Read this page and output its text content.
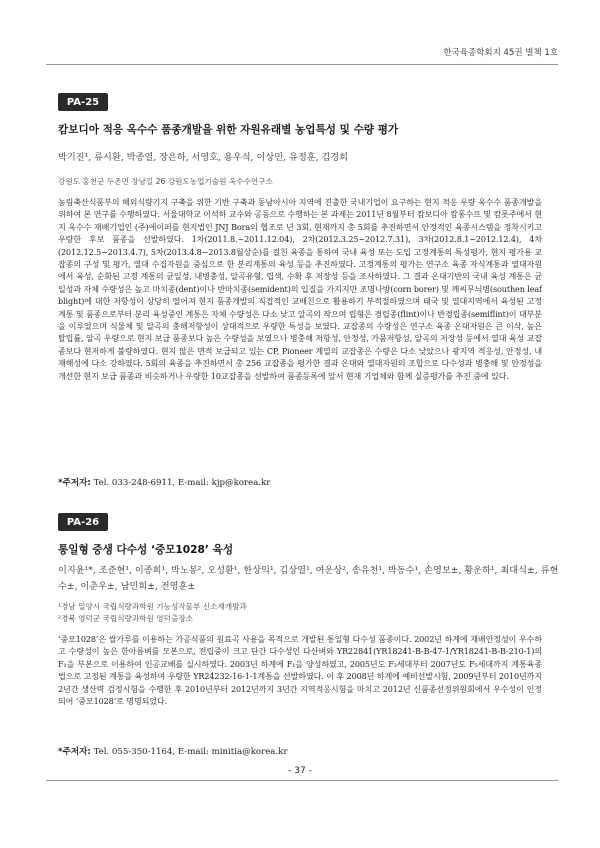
한국육종학회지 45권 별책 1호
PA-25
캄보디아 적응 옥수수 품종개발을 위한 자원유래별 농업특성 및 수량 평가
박기진¹, 류시환, 박종열, 장은하, 서영호, 용우식, 이상민, 유정훈, 김경희
강원도 홍천군 두촌면 장남길 26 강원도농업기술원 옥수수연구소

농림축산식품부의 해외식량기지 구축을 위한 기반 구축과 동남아시아 지역에 진출한 국내기업이 요구하는 현지 적응 우량 옥수수 품종개발을 위하여 본 연구를 수행하였다. 서울대학교 이석하 교수와 공동으로 수행하는 본 과제는 2011년 8월부터 캄보디아 캄퐁수프 및 캄폿주에서 현지 옥수수 재배기업인 (주)에이퍼를 현지법인 JNJ Bora의 협조로 년 3회, 현재까지 총 5회를 추진하면서 안정적인 육종시스템을 정착시키고 우량한 후보 품종을 선발하였다. 1차(2011.8.~2011.12.04), 2차(2012.3.25~2012.7.31), 3차(2012.8.1~2012.12.4), 4차(2012.12.5~2013.4.7), 5차(2013.4.8~2013.8월상순)를 걸친 육종을 통하여 국내 육성 또는 도입 고정계통의 특성평가, 현지 평가용 교잡종의 구성 및 평가, 열대 수집자원을 중심으로 한 분리계통의 육성 등을 추진하였다. 고정계통의 평가는 연구소 육종 자식계통과 열대자원에서 육성, 순화된 고정 계통의 균일성, 내병충성, 알곡유형, 립색, 수확 후 저장성 등을 조사하였다. 그 결과 온대기반의 국내 육성 계통은 균일성과 자체 수량성은 높고 마치종(dent)이나 반마치종(semident)의 입질을 가지지만 조명나방(corn borer) 및 깨씨무늬병(southen leaf blight)에 대한 저항성이 상당히 떨어져 현지 품종개발의 직접적인 교배친으로 활용하기 부적절하였으며 태국 및 열대지역에서 육성된 고정계통 및 품종으로부터 분리 육성중인 계통은 자체 수량성은 다소 낮고 알곡의 작으며 립형은 경립종(flint)이나 반경립종(semiflint)이 대부분을 이루었으며 식물체 및 알곡의 충해저항성이 상대적으로 우량한 특성을 보였다. 교잡종의 수량성은 연구소 육종 온대자원은 큰 이삭, 높은 탈립률, 알곡 우량으로 현지 보급 품종보다 높은 수량성을 보였으나 병충해 저항성, 안정성, 가뭄저항성, 알곡의 저장성 등에서 열대 육성 교잡종보다 현저하게 불량하였다. 현지 많은 면적 보급되고 있는 CP, Pioneer 계열의 교잡종은 수량은 다소 낮았으나 광지역 적응성, 안정성, 내재해성에 다소 강하였다. 5회의 육종을 추진하면서 총 256 교잡종을 평가한 결과 온대와 열대자원의 조합으로 다수성과 병충해 및 안정성을 개선한 현지 보급 품종과 비슷하거나 우량한 10교잡종을 선발하여 품종등록에 앞서 현재 기업체와 함께 실증평가를 추진 중에 있다.

*주저자: Tel. 033-248-6911, E-mail: kjp@korea.kr
PA-26
통일형 중생 다수성 ‘중모1028’ 육성
이지윤¹*, 조준현¹, 이종희¹, 박노봉², 오성환¹, 한상익¹, 김상열¹, 여운상², 송유천¹, 박동수¹, 손영보±, 황운하¹, 최대식±, 류현수±, 이춘우±, 남민희±, 전영훈±
¹경남 밀양시 국립식량과학원 기능성작물부 신소재개발과
²경북 영덕군 국립식량과학원 영덕출장소

‘중모1028’은 쌀가루를 이용하는 가공식품의 원료곡 사용을 목적으로 개발된 통일형 다수성 품종이다. 2002년 하계에 재배안정성이 우수하고 수량성이 높은 한아름벼를 모본으로, 전립중이 크고 단간 다수성인 다산벼와 YR22841(YR18241-B-B-47-1/YR18241-B-B-210-1)의 F₁을 부본으로 이용하여 인공교배를 실시하였다. 2003년 하계에 F₁을 양성하였고, 2005년도 F₃세대부터 2007년도 F₅세대까지 계통육종법으로 고정된 계통을 육성하여 우량한 YR24232-16-1-1계통을 선발하였다. 이 후 2008년 하계에 예비선발시험, 2009년부터 2010년까지 2년간 생산력 검정시험을 수행한 후 2010년부터 2012년까지 3년간 지역적응시험을 마치고 2012년 신품종선정위원회에서 우수성이 인정되어 ‘중모1028’로 명명되었다.

*주저자: Tel. 055-350-1164, E-mail: minitia@korea.kr
- 37 -
